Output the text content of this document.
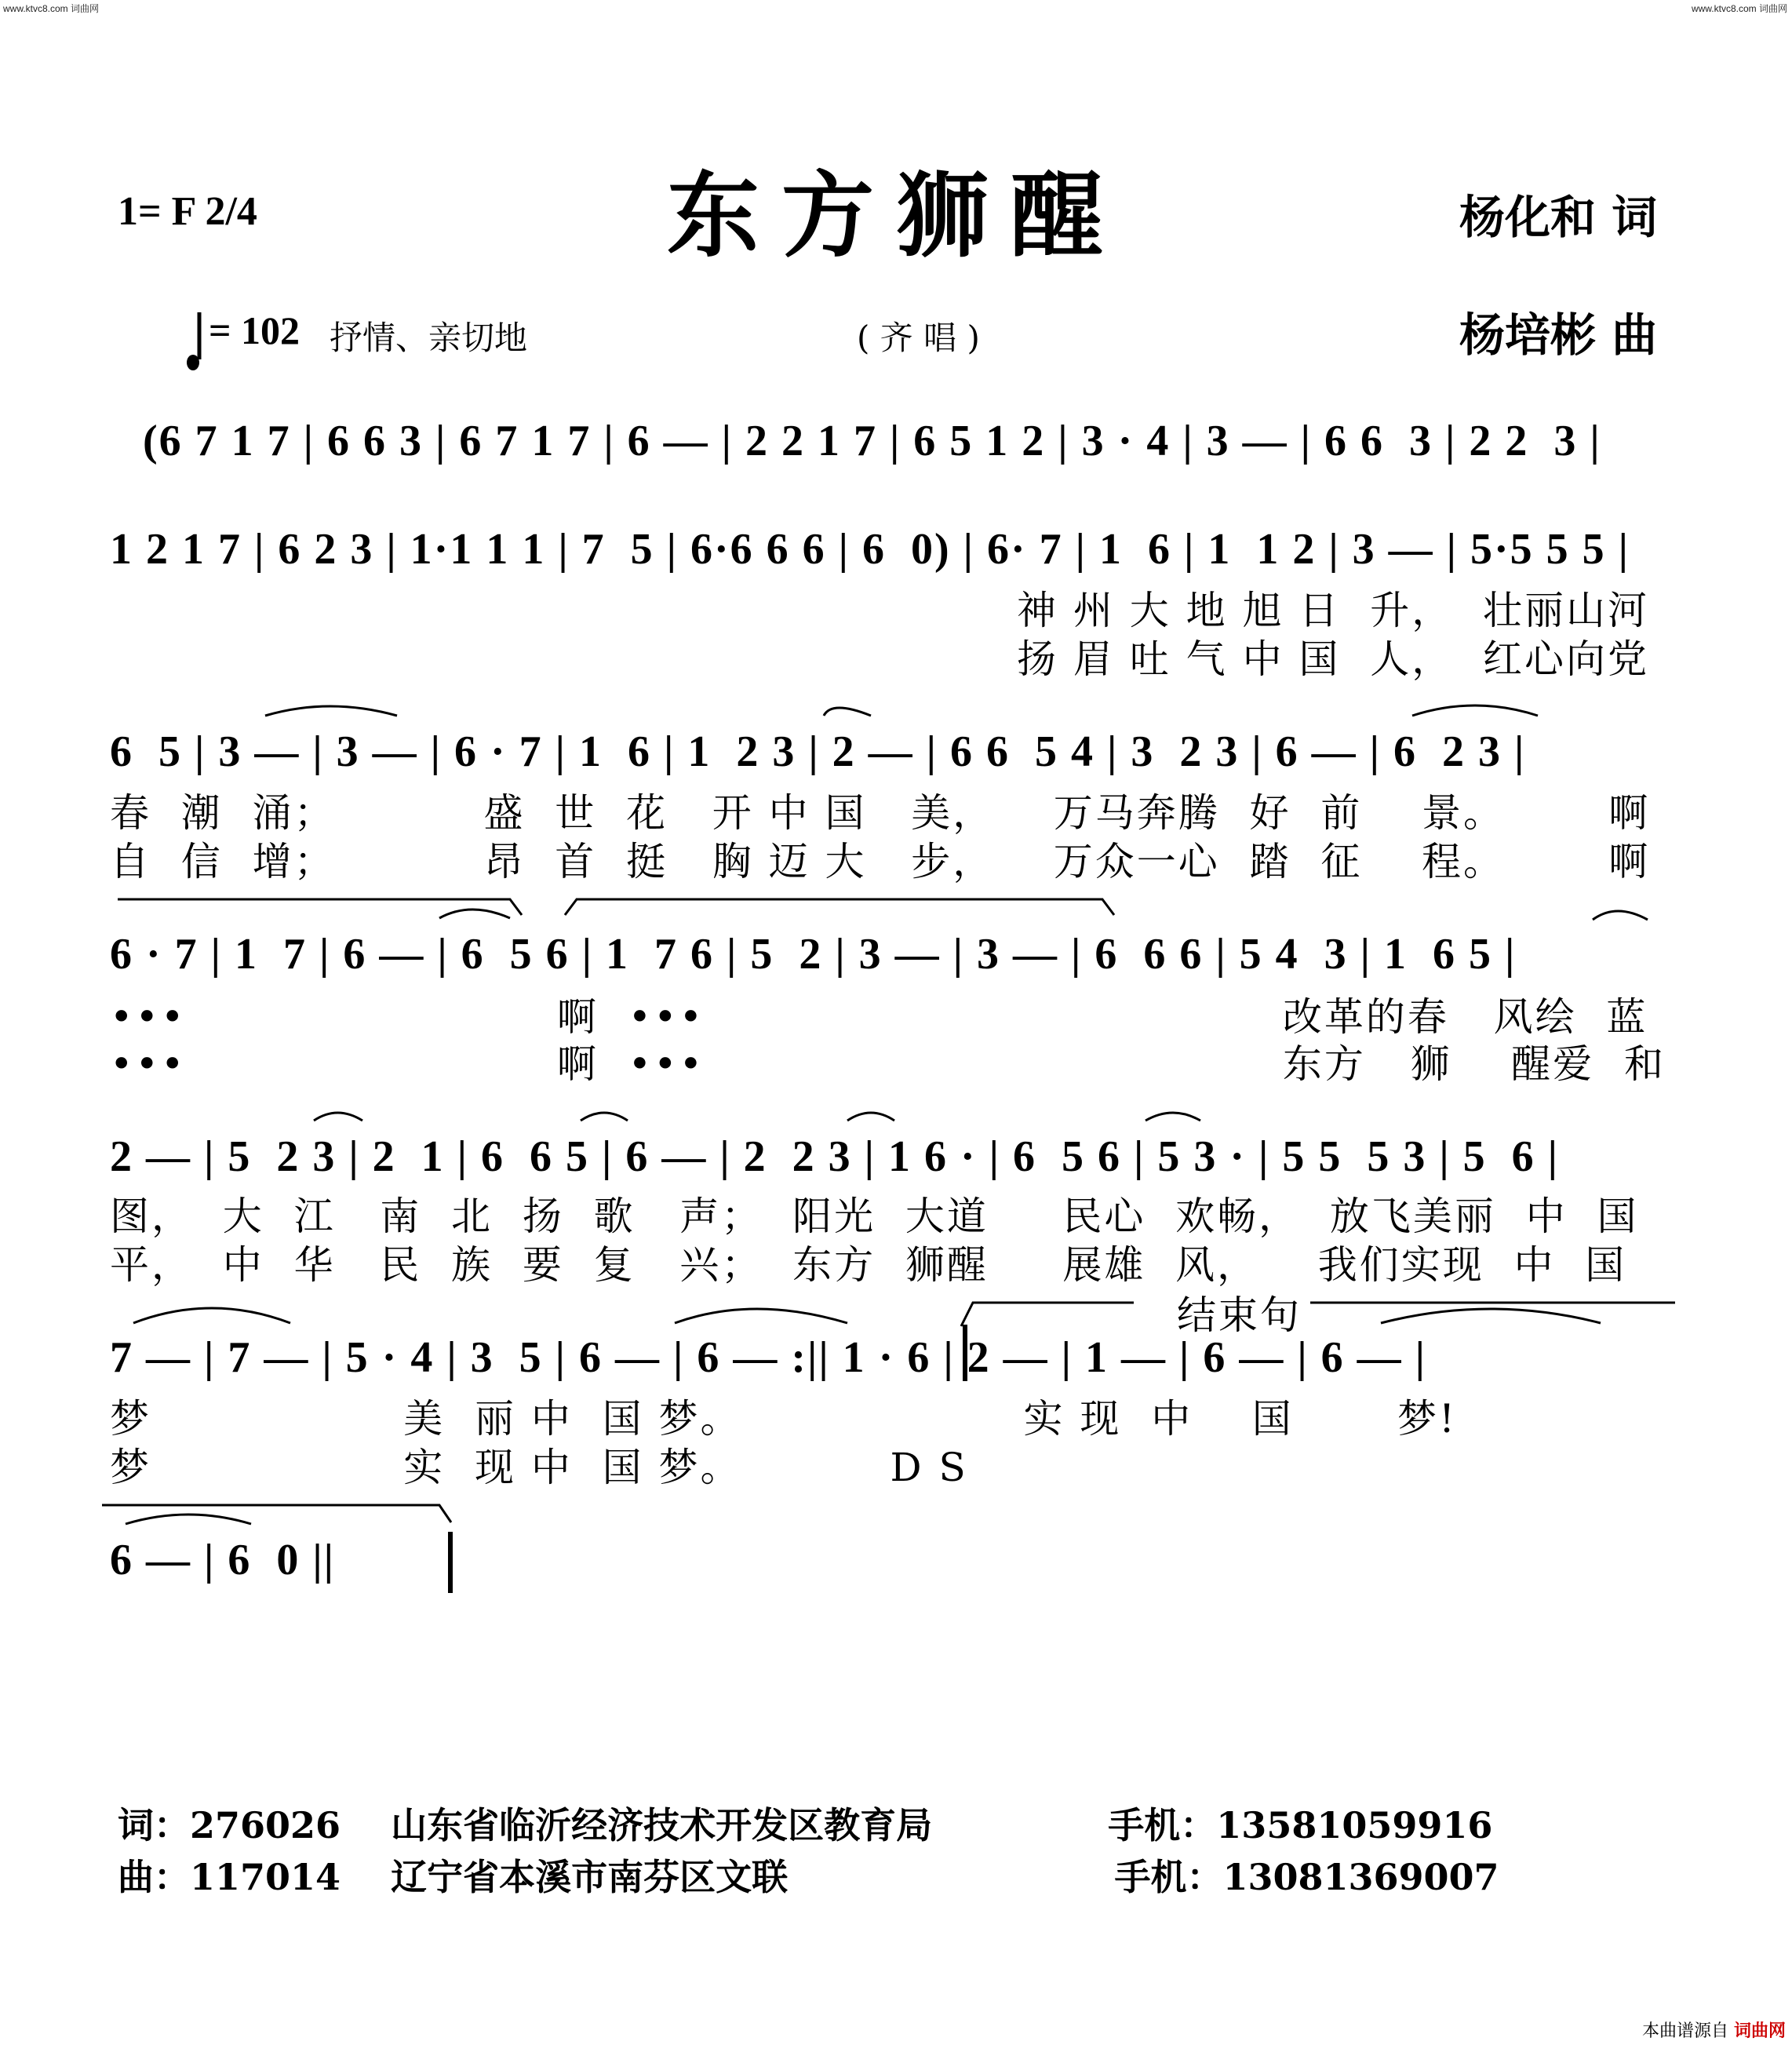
www.ktvc8.com 词曲网	www.ktvc8.com 词曲网
东方狮醒
1= F 2/4	杨化和 词
杨培彬 曲
= 102 抒情、亲切地	( 齐 唱 )
(6 7 1 7 | 6 6 3 | 6 7 1 7 | 6 — | 2 2 1 7 | 6 5 1 2 | 3 · 4 | 3 — | 6 6  3 | 2 2  3 |
1 2 1 7 | 6 2 3 | 1·1 1 1 | 7  5 | 6·6 6 6 | 6  0) | 6· 7 | 1  6 | 1  1 2 | 3 — | 5·5 5 5 |
神 州 大 地 旭 日  升，  壮丽山河
扬 眉 吐 气 中 国  人，  红心向党
6  5 | 3 — | 3 — | 6 · 7 | 1  6 | 1  2 3 | 2 — | 6 6  5 4 | 3  2 3 | 6 — | 6  2 3 |
春  潮  涌；          盛  世  花   开 中 国   美，    万马奔腾  好  前    景。       啊
自  信  增；          昂  首  挺   胸 迈 大   步，    万众一心  踏  征    程。       啊
6 · 7 | 1  7 | 6 — | 6  5 6 | 1  7 6 | 5  2 | 3 — | 3 — | 6  6 6 | 5 4  3 | 1  6 5 |
•••                         啊  •••                                       改革的春   风绘  蓝
•••                         啊  •••                                       东方   狮    醒爱  和
2 — | 5  2 3 | 2  1 | 6  6 5 | 6 — | 2  2 3 | 1 6 · | 6  5 6 | 5 3 · | 5 5  5 3 | 5  6 |
图，  大  江   南  北  扬  歌   声；  阳光  大道     民心  欢畅，  放飞美丽  中  国
平，  中  华   民  族  要  复   兴；  东方  狮醒     展雄  风，    我们实现  中  国
结束句
7 — | 7 — | 5 · 4 | 3  5 | 6 — | 6 — :|| 1 · 6 | 2 — | 1 — | 6 — | 6 — |
梦                 美  丽 中  国 梦。                   实 现  中    国       梦!
梦                 实  现 中  国 梦。          D S
6 — | 6  0 ||
词：276026    山东省临沂经济技术开发区教育局              手机：13581059916
曲：117014    辽宁省本溪市南芬区文联                          手机：13081369007
本曲谱源自 词曲网
